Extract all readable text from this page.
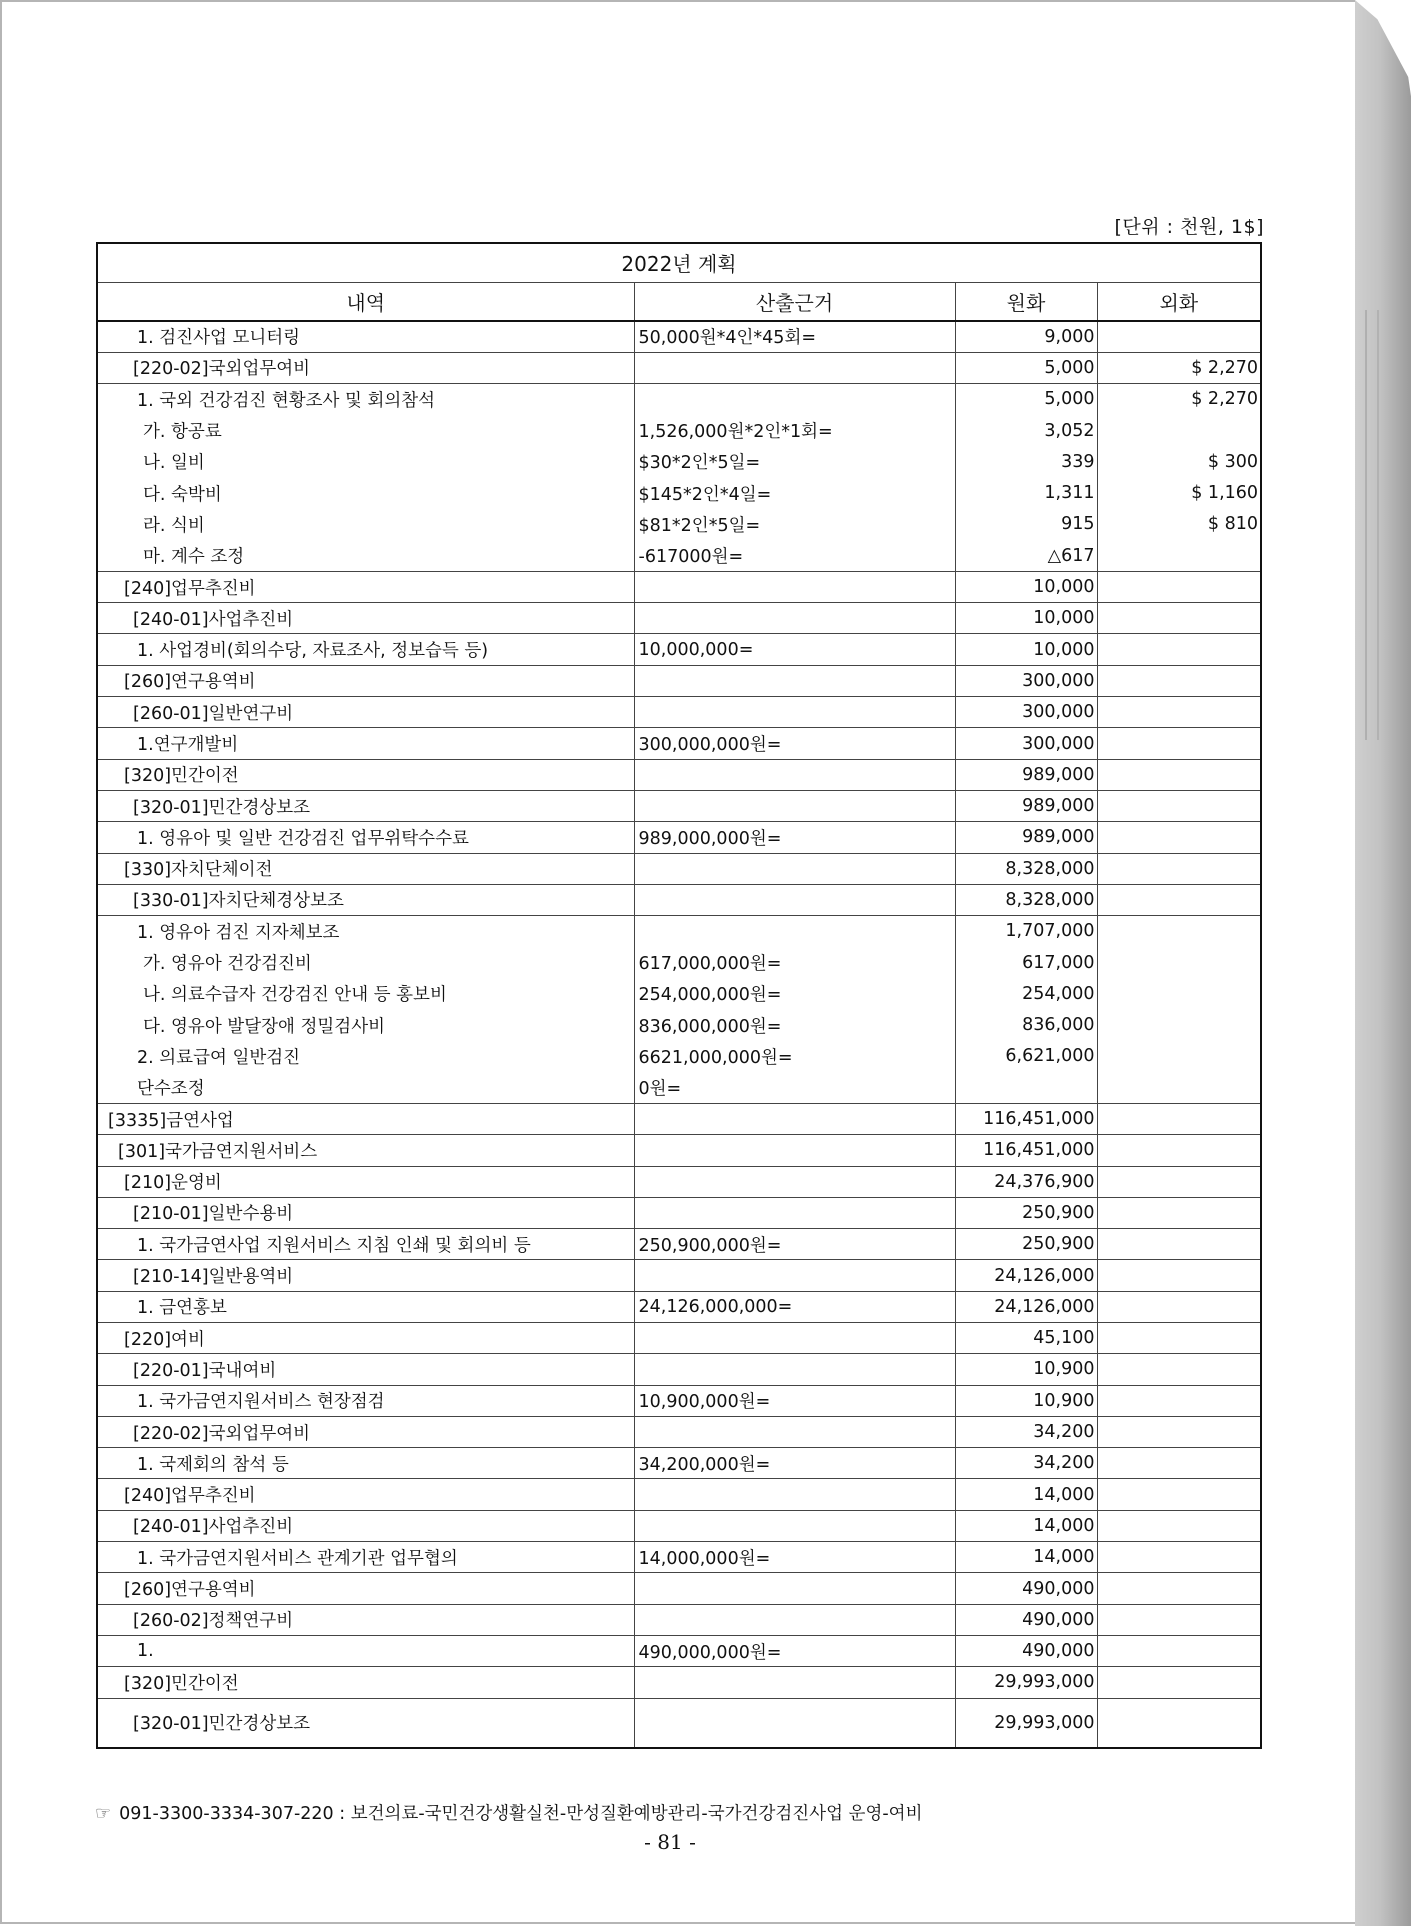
[단위 : 천원, 1$]
2022년 계획			
내역	산출근거	원화	외화
1. 검진사업 모니터링	50,000원*4인*45회=	9,000	
[220-02]국외업무여비		5,000	$ 2,270
1. 국외 건강검진 현황조사 및 회의참석		5,000	$ 2,270
가. 항공료	1,526,000원*2인*1회=	3,052	
나. 일비	$30*2인*5일=	339	$ 300
다. 숙박비	$145*2인*4일=	1,311	$ 1,160
라. 식비	$81*2인*5일=	915	$ 810
마. 계수 조정	-617000원=	△617	
[240]업무추진비		10,000	
[240-01]사업추진비		10,000	
1. 사업경비(회의수당, 자료조사, 정보습득 등)	10,000,000=	10,000	
[260]연구용역비		300,000	
[260-01]일반연구비		300,000	
1.연구개발비	300,000,000원=	300,000	
[320]민간이전		989,000	
[320-01]민간경상보조		989,000	
1. 영유아 및 일반 건강검진 업무위탁수수료	989,000,000원=	989,000	
[330]자치단체이전		8,328,000	
[330-01]자치단체경상보조		8,328,000	
1. 영유아 검진 지자체보조		1,707,000	
가. 영유아 건강검진비	617,000,000원=	617,000	
나. 의료수급자 건강검진 안내 등 홍보비	254,000,000원=	254,000	
다. 영유아 발달장애 정밀검사비	836,000,000원=	836,000	
2. 의료급여 일반검진	6621,000,000원=	6,621,000	
단수조정	0원=		
[3335]금연사업		116,451,000	
[301]국가금연지원서비스		116,451,000	
[210]운영비		24,376,900	
[210-01]일반수용비		250,900	
1. 국가금연사업 지원서비스 지침 인쇄 및 회의비 등	250,900,000원=	250,900	
[210-14]일반용역비		24,126,000	
1. 금연홍보	24,126,000,000=	24,126,000	
[220]여비		45,100	
[220-01]국내여비		10,900	
1. 국가금연지원서비스 현장점검	10,900,000원=	10,900	
[220-02]국외업무여비		34,200	
1. 국제회의 참석 등	34,200,000원=	34,200	
[240]업무추진비		14,000	
[240-01]사업추진비		14,000	
1. 국가금연지원서비스 관계기관 업무협의	14,000,000원=	14,000	
[260]연구용역비		490,000	
[260-02]정책연구비		490,000	
1.	490,000,000원=	490,000	
[320]민간이전		29,993,000	
[320-01]민간경상보조		29,993,000	
☞ 091-3300-3334-307-220 : 보건의료-국민건강생활실천-만성질환예방관리-국가건강검진사업 운영-여비
- 81 -
